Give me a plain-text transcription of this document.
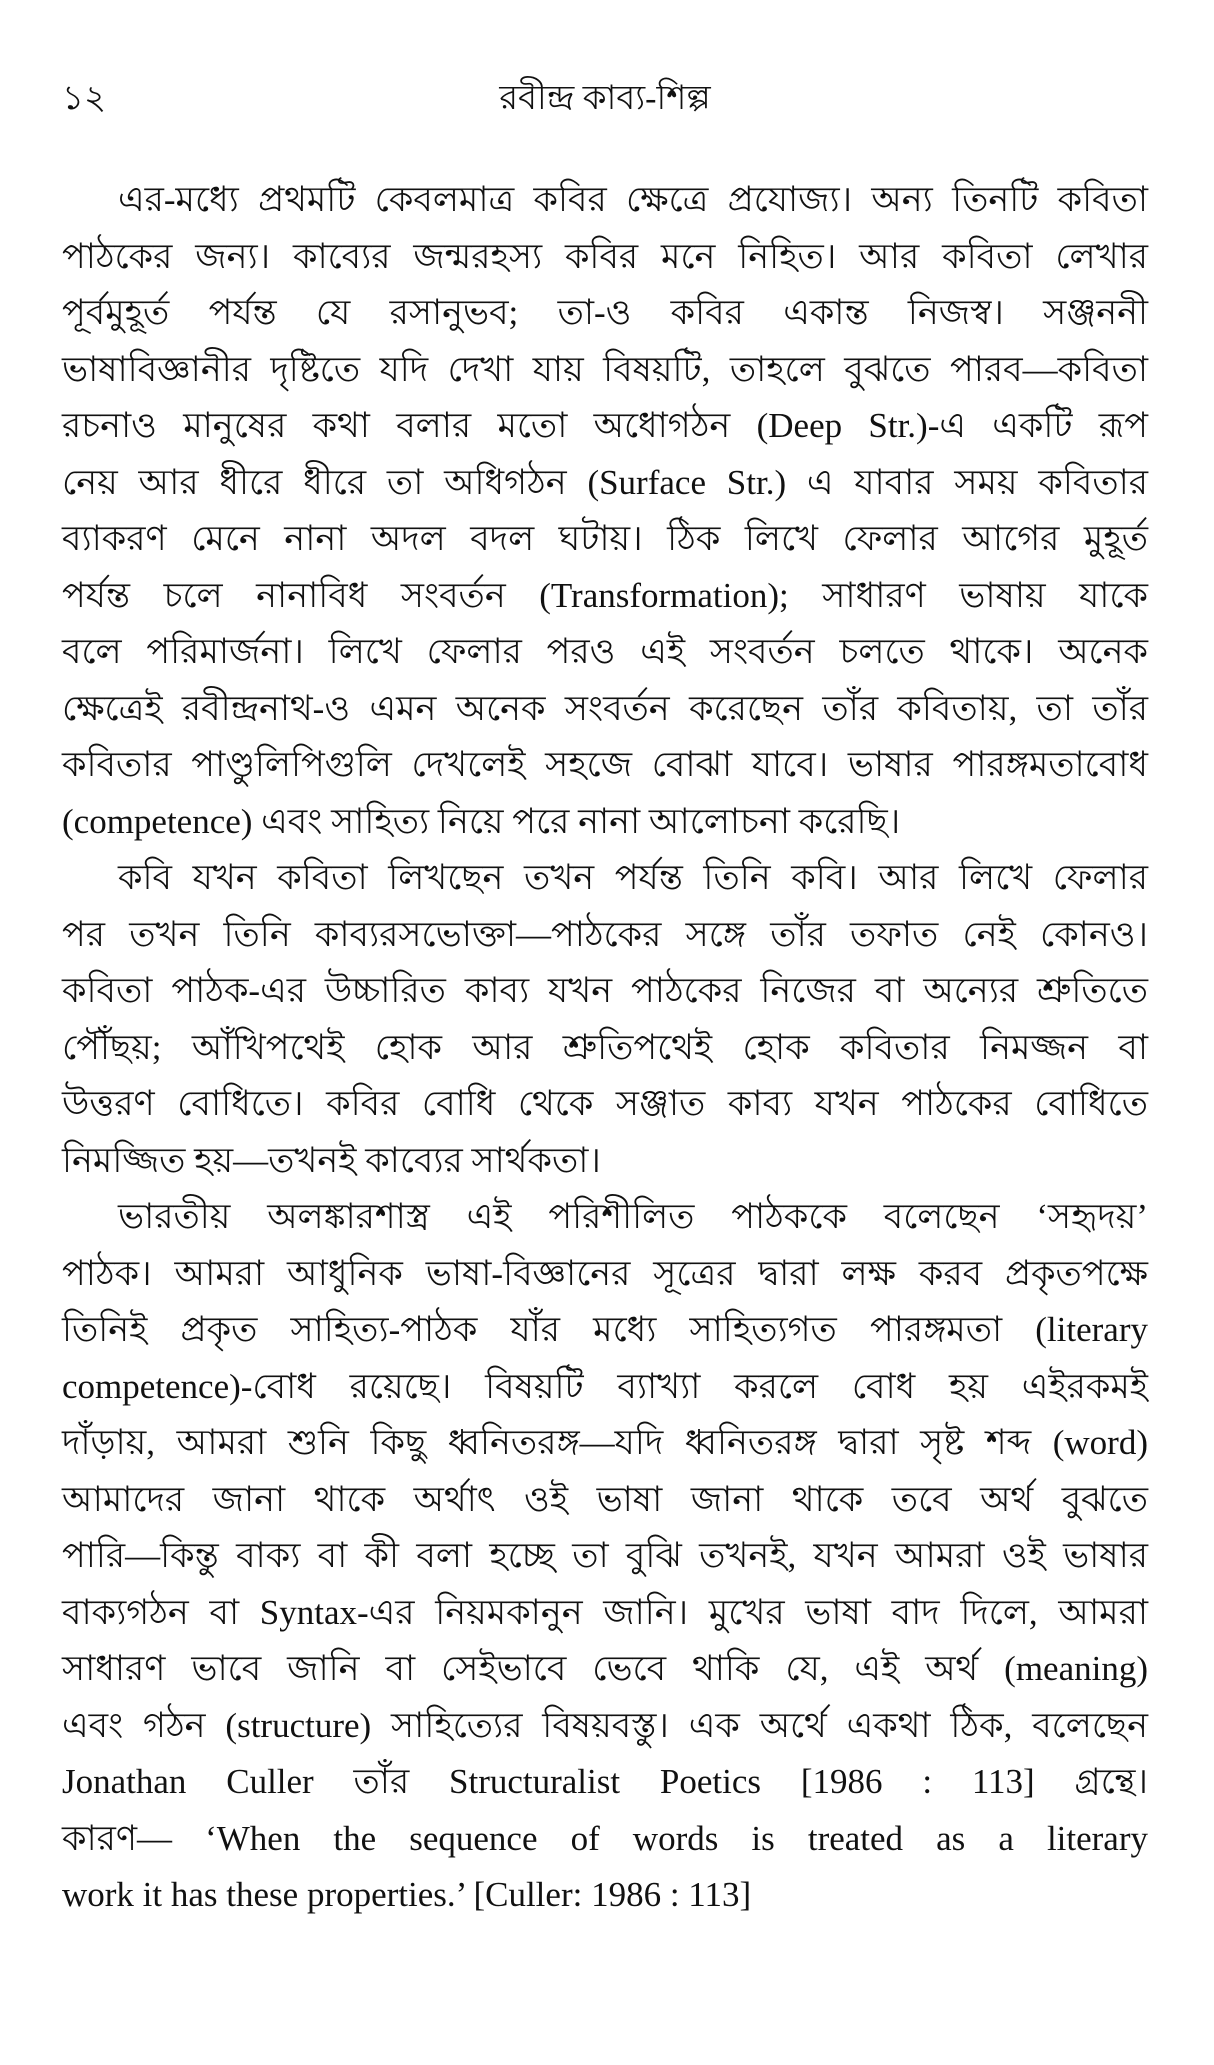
১২	রবীন্দ্র কাব্য-শিল্প
এর-মধ্যে প্রথমটি কেবলমাত্র কবির ক্ষেত্রে প্রযোজ্য। অন্য তিনটি কবিতা
পাঠকের জন্য। কাব্যের জন্মরহস্য কবির মনে নিহিত। আর কবিতা লেখার
পূর্বমুহূর্ত পর্যন্ত যে রসানুভব; তা-ও কবির একান্ত নিজস্ব। সঞ্জননী
ভাষাবিজ্ঞানীর দৃষ্টিতে যদি দেখা যায় বিষয়টি, তাহলে বুঝতে পারব—কবিতা
রচনাও মানুষের কথা বলার মতো অধোগঠন (Deep Str.)-এ একটি রূপ
নেয় আর ধীরে ধীরে তা অধিগঠন (Surface Str.) এ যাবার সময় কবিতার
ব্যাকরণ মেনে নানা অদল বদল ঘটায়। ঠিক লিখে ফেলার আগের মুহূর্ত
পর্যন্ত চলে নানাবিধ সংবর্তন (Transformation); সাধারণ ভাষায় যাকে
বলে পরিমার্জনা। লিখে ফেলার পরও এই সংবর্তন চলতে থাকে। অনেক
ক্ষেত্রেই রবীন্দ্রনাথ-ও এমন অনেক সংবর্তন করেছেন তাঁর কবিতায়, তা তাঁর
কবিতার পাণ্ডুলিপিগুলি দেখলেই সহজে বোঝা যাবে। ভাষার পারঙ্গমতাবোধ
(competence) এবং সাহিত্য নিয়ে পরে নানা আলোচনা করেছি।
কবি যখন কবিতা লিখছেন তখন পর্যন্ত তিনি কবি। আর লিখে ফেলার
পর তখন তিনি কাব্যরসভোক্তা—পাঠকের সঙ্গে তাঁর তফাত নেই কোনও।
কবিতা পাঠক-এর উচ্চারিত কাব্য যখন পাঠকের নিজের বা অন্যের শ্রুতিতে
পৌঁছয়; আঁখিপথেই হোক আর শ্রুতিপথেই হোক কবিতার নিমজ্জন বা
উত্তরণ বোধিতে। কবির বোধি থেকে সঞ্জাত কাব্য যখন পাঠকের বোধিতে
নিমজ্জিত হয়—তখনই কাব্যের সার্থকতা।
ভারতীয় অলঙ্কারশাস্ত্র এই পরিশীলিত পাঠককে বলেছেন ‘সহৃদয়’
পাঠক। আমরা আধুনিক ভাষা-বিজ্ঞানের সূত্রের দ্বারা লক্ষ করব প্রকৃতপক্ষে
তিনিই প্রকৃত সাহিত্য-পাঠক যাঁর মধ্যে সাহিত্যগত পারঙ্গমতা (literary
competence)-বোধ রয়েছে। বিষয়টি ব্যাখ্যা করলে বোধ হয় এইরকমই
দাঁড়ায়, আমরা শুনি কিছু ধ্বনিতরঙ্গ—যদি ধ্বনিতরঙ্গ দ্বারা সৃষ্ট শব্দ (word)
আমাদের জানা থাকে অর্থাৎ ওই ভাষা জানা থাকে তবে অর্থ বুঝতে
পারি—কিন্তু বাক্য বা কী বলা হচ্ছে তা বুঝি তখনই, যখন আমরা ওই ভাষার
বাক্যগঠন বা Syntax-এর নিয়মকানুন জানি। মুখের ভাষা বাদ দিলে, আমরা
সাধারণ ভাবে জানি বা সেইভাবে ভেবে থাকি যে, এই অর্থ (meaning)
এবং গঠন (structure) সাহিত্যের বিষয়বস্তু। এক অর্থে একথা ঠিক, বলেছেন
Jonathan Culler তাঁর Structuralist Poetics [1986 : 113] গ্রন্থে।
কারণ— ‘When the sequence of words is treated as a literary
work it has these properties.’ [Culler: 1986 : 113]
